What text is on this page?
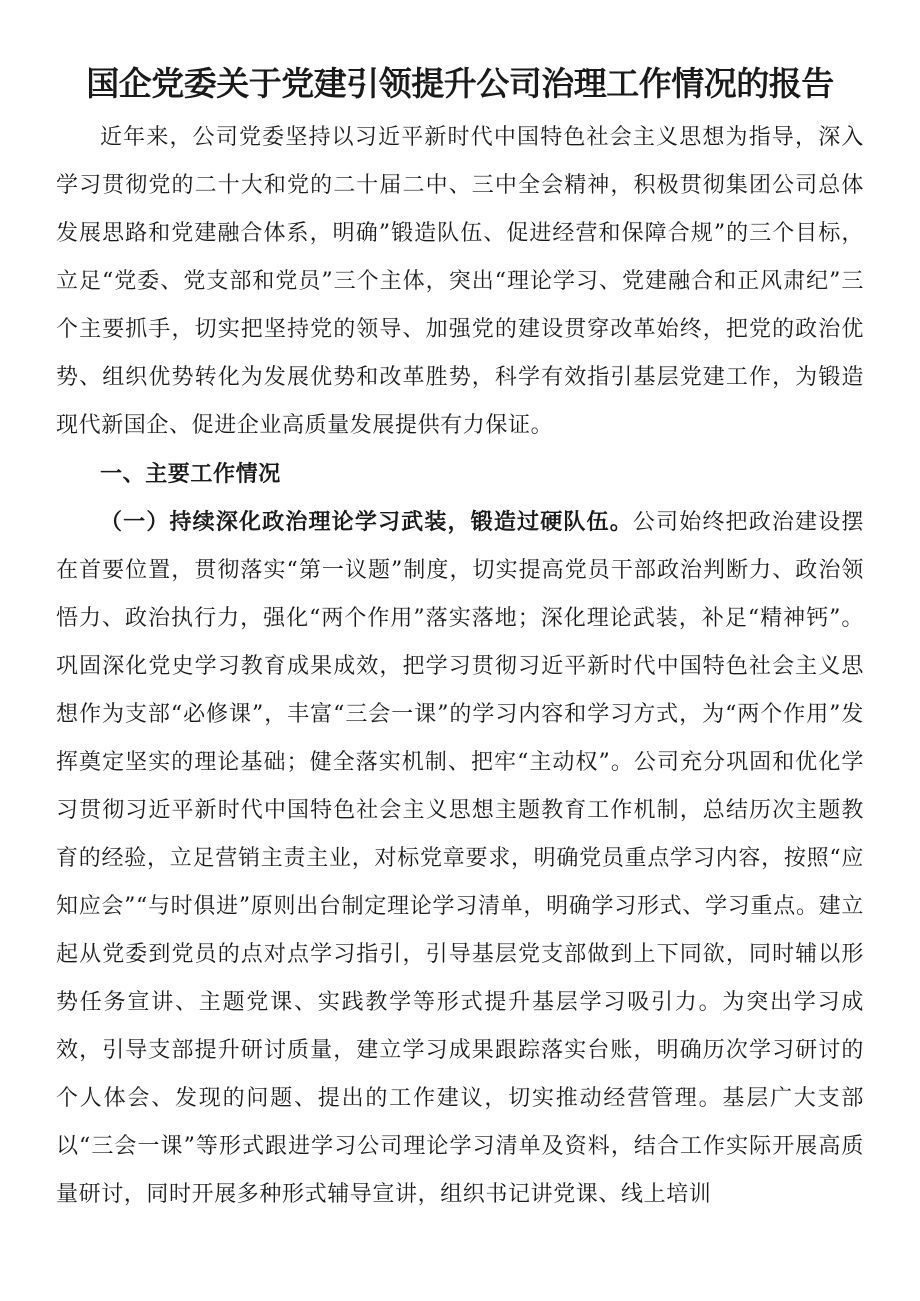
国企党委关于党建引领提升公司治理工作情况的报告

近年来，公司党委坚持以习近平新时代中国特色社会主义思想为指导，深入学习贯彻党的二十大和党的二十届二中、三中全会精神，积极贯彻集团公司总体发展思路和党建融合体系，明确”锻造队伍、促进经营和保障合规”的三个目标，立足“党委、党支部和党员”三个主体，突出“理论学习、党建融合和正风肃纪”三个主要抓手，切实把坚持党的领导、加强党的建设贯穿改革始终，把党的政治优势、组织优势转化为发展优势和改革胜势，科学有效指引基层党建工作，为锻造现代新国企、促进企业高质量发展提供有力保证。

一、主要工作情况

（一）持续深化政治理论学习武装，锻造过硬队伍。公司始终把政治建设摆在首要位置，贯彻落实“第一议题”制度，切实提高党员干部政治判断力、政治领悟力、政治执行力，强化“两个作用”落实落地；深化理论武装，补足“精神钙”。巩固深化党史学习教育成果成效，把学习贯彻习近平新时代中国特色社会主义思想作为支部“必修课”，丰富“三会一课”的学习内容和学习方式，为“两个作用”发挥奠定坚实的理论基础；健全落实机制、把牢“主动权”。公司充分巩固和优化学习贯彻习近平新时代中国特色社会主义思想主题教育工作机制，总结历次主题教育的经验，立足营销主责主业，对标党章要求，明确党员重点学习内容，按照“应知应会”“与时俱进”原则出台制定理论学习清单，明确学习形式、学习重点。建立起从党委到党员的点对点学习指引，引导基层党支部做到上下同欲，同时辅以形势任务宣讲、主题党课、实践教学等形式提升基层学习吸引力。为突出学习成效，引导支部提升研讨质量，建立学习成果跟踪落实台账，明确历次学习研讨的个人体会、发现的问题、提出的工作建议，切实推动经营管理。基层广大支部以“三会一课”等形式跟进学习公司理论学习清单及资料，结合工作实际开展高质量研讨，同时开展多种形式辅导宣讲，组织书记讲党课、线上培训
